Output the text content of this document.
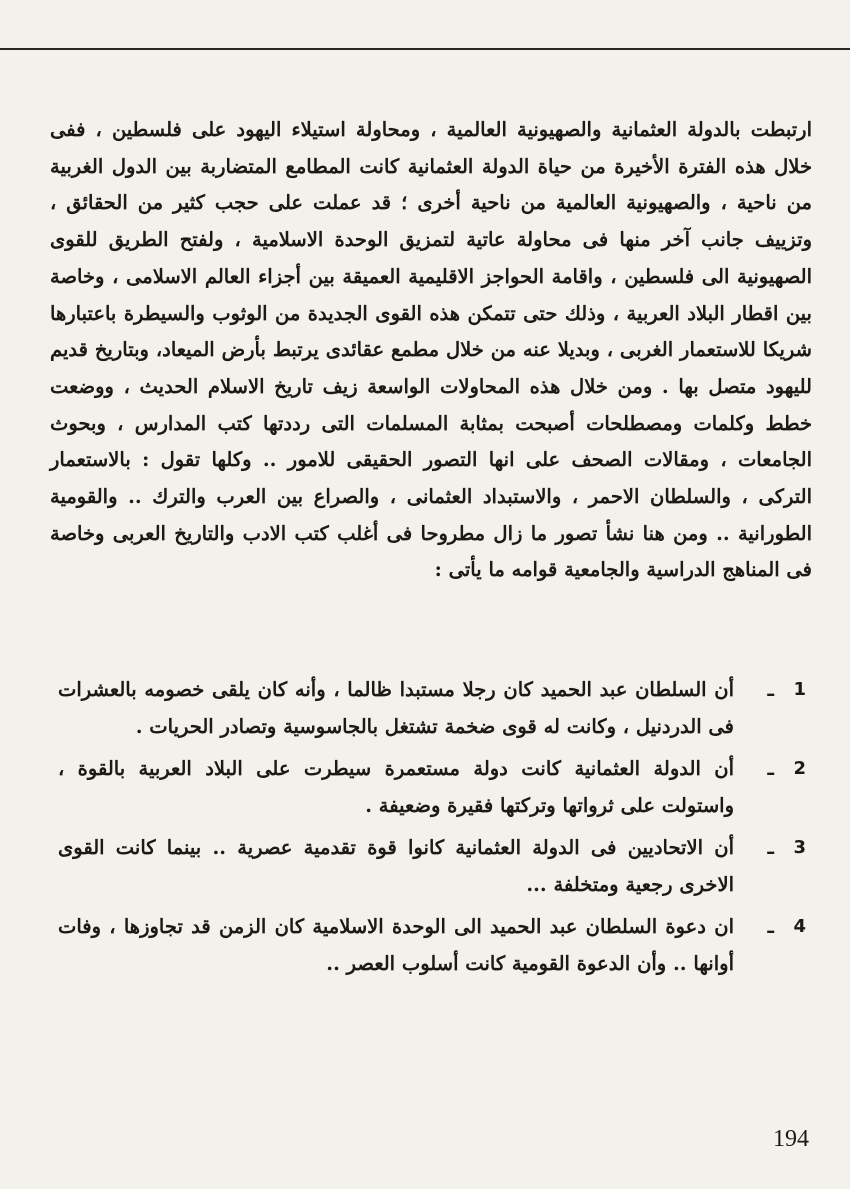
ارتبطت بالدولة العثمانية والصهيونية العالمية ، ومحاولة استيلاء اليهود على فلسطين ، ففى خلال هذه الفترة الأخيرة من حياة الدولة العثمانية كانت المطامع المتضاربة بين الدول الغربية من ناحية ، والصهيونية العالمية من ناحية أخرى ؛ قد عملت على حجب كثير من الحقائق ، وتزييف جانب آخر منها فى محاولة عاتية لتمزيق الوحدة الاسلامية ، ولفتح الطريق للقوى الصهيونية الى فلسطين ، واقامة الحواجز الاقليمية العميقة بين أجزاء العالم الاسلامى ، وخاصة بين اقطار البلاد العربية ، وذلك حتى تتمكن هذه القوى الجديدة من الوثوب والسيطرة باعتبارها شريكا للاستعمار الغربى ، وبديلا عنه من خلال مطمع عقائدى يرتبط بأرض الميعاد، وبتاريخ قديم لليهود متصل بها . ومن خلال هذه المحاولات الواسعة زيف تاريخ الاسلام الحديث ، ووضعت خطط وكلمات ومصطلحات أصبحت بمثابة المسلمات التى رددتها كتب المدارس ، وبحوث الجامعات ، ومقالات الصحف على انها التصور الحقيقى للامور .. وكلها تقول : بالاستعمار التركى ، والسلطان الاحمر ، والاستبداد العثمانى ، والصراع بين العرب والترك .. والقومية الطورانية .. ومن هنا نشأ تصور ما زال مطروحا فى أغلب كتب الادب والتاريخ العربى وخاصة فى المناهج الدراسية والجامعية قوامه ما يأتى :

1
ـ
أن السلطان عبد الحميد كان رجلا مستبدا ظالما ، وأنه كان يلقى خصومه بالعشرات فى الدردنيل ، وكانت له قوى ضخمة تشتغل بالجاسوسية وتصادر الحريات .
2
ـ
أن الدولة العثمانية كانت دولة مستعمرة سيطرت على البلاد العربية بالقوة ، واستولت على ثرواتها وتركتها فقيرة وضعيفة .
3
ـ
أن الاتحاديين فى الدولة العثمانية كانوا قوة تقدمية عصرية .. بينما كانت القوى الاخرى رجعية ومتخلفة ...
4
ـ
ان دعوة السلطان عبد الحميد الى الوحدة الاسلامية كان الزمن قد تجاوزها ، وفات أوانها .. وأن الدعوة القومية كانت أسلوب العصر ..
194
